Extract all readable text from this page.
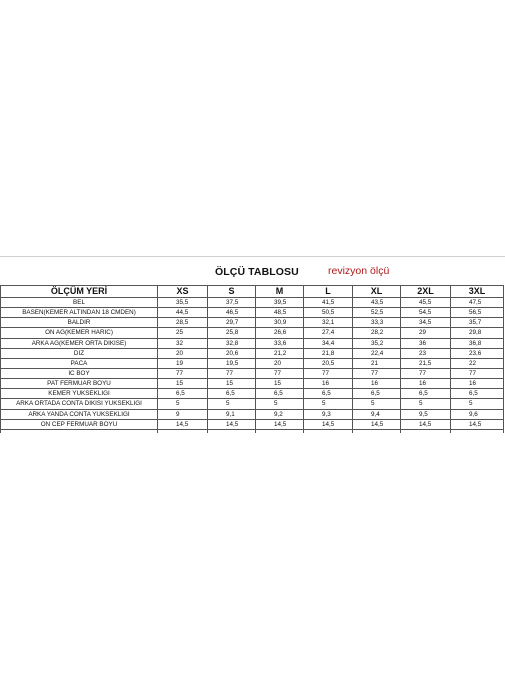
ÖLÇÜ TABLOSU	revizyon ölçü
ÖLÇÜM YERİ	XS	S	M	L	XL	2XL	3XL
BEL	35,5	37,5	39,5	41,5	43,5	45,5	47,5
BASEN(KEMER ALTINDAN 18 CMDEN)	44,5	46,5	48,5	50,5	52,5	54,5	56,5
BALDIR	28,5	29,7	30,9	32,1	33,3	34,5	35,7
ON AG(KEMER HARIC)	25	25,8	26,6	27,4	28,2	29	29,8
ARKA AG(KEMER ORTA DIKISE)	32	32,8	33,6	34,4	35,2	36	36,8
DIZ	20	20,6	21,2	21,8	22,4	23	23,6
PACA	19	19,5	20	20,5	21	21,5	22
IC BOY	77	77	77	77	77	77	77
PAT FERMUAR BOYU	15	15	15	16	16	16	16
KEMER YUKSEKLIGI	6,5	6,5	6,5	6,5	6,5	6,5	6,5
ARKA ORTADA CONTA DIKISI YUKSEKLIGI	5	5	5	5	5	5	5
ARKA YANDA CONTA YUKSEKLIGI	9	9,1	9,2	9,3	9,4	9,5	9,6
ON CEP FERMUAR BOYU	14,5	14,5	14,5	14,5	14,5	14,5	14,5
